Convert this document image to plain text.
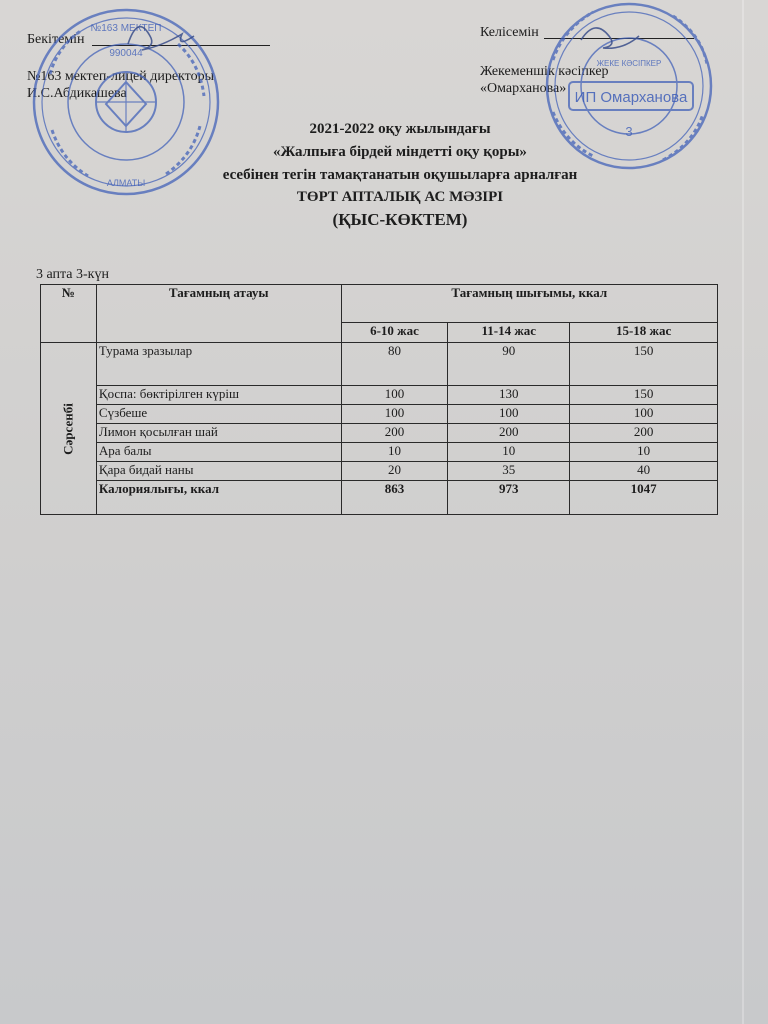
Бекітемін
№163 мектеп-лицей директоры
И.С.Абдикашева
Келісемін
Жекеменшік кәсіпкер
«Омарханова»
2021-2022 оқу жылындағы
«Жалпыға бірдей міндетті оқу қоры»
есебінен тегін тамақтанатын оқушыларға арналған
ТӨРТ АПТАЛЫҚ АС МӘЗІРІ
(ҚЫС-КӨКТЕМ)
3 апта 3-күн
№	Тағамның атауы	Тағамның шығымы, ккал		
		6-10 жас	11-14 жас	15-18 жас

Сәрсенбі	Турама зразылар	80	90	150
	Қоспа: бөктірілген күріш	100	130	150
	Сүзбеше	100	100	100
	Лимон қосылған шай	200	200	200
	Ара балы	10	10	10
	Қара бидай наны	20	35	40
	Калориялығы, ккал	863	973	1047
№163 МЕКТЕП
990044
АЛМАТЫ
ЖЕКЕ КӘСІПКЕР
ИП Омарханова
3
